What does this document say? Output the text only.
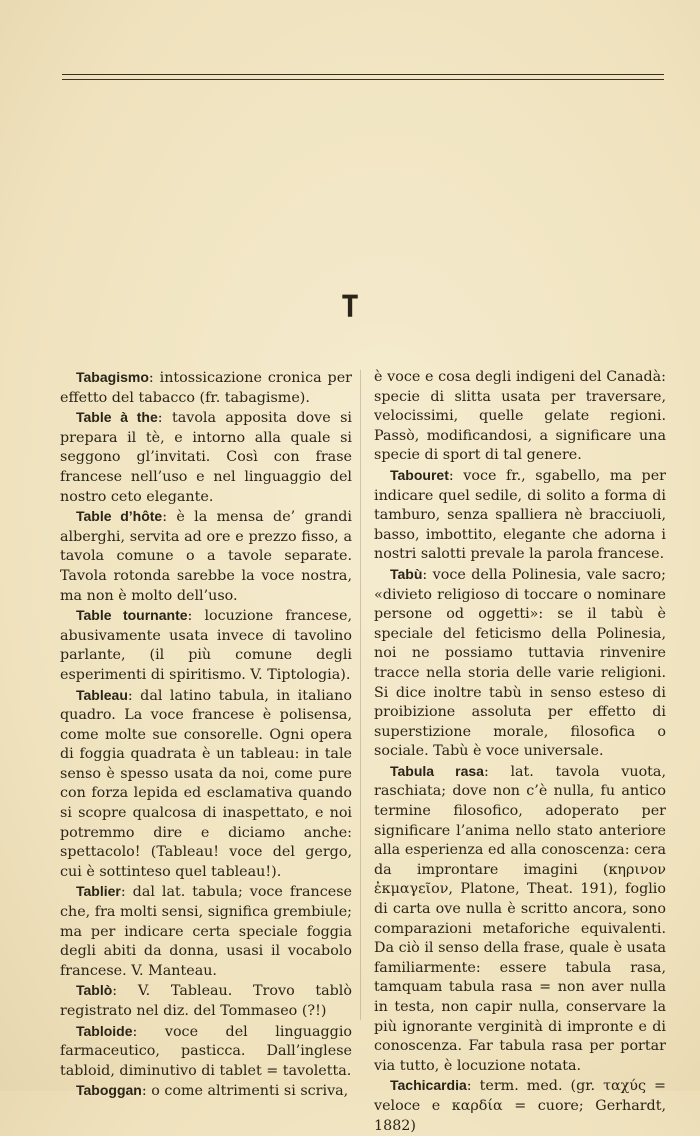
T

Tabagismo: intossicazione cronica per effetto del tabacco (fr. tabagisme).

Table à the: tavola apposita dove si prepara il tè, e intorno alla quale si seggono gl’invitati. Così con frase francese nell’uso e nel linguaggio del nostro ceto elegante.

Table d’hôte: è la mensa de’ grandi alberghi, servita ad ore e prezzo fisso, a tavola comune o a tavole separate. Tavola rotonda sarebbe la voce nostra, ma non è molto dell’uso.

Table tournante: locuzione francese, abusivamente usata invece di tavolino parlante, (il più comune degli esperimenti di spiritismo. V. Tiptologia).

Tableau: dal latino tabula, in italiano quadro. La voce francese è polisensa, come molte sue consorelle. Ogni opera di foggia quadrata è un tableau: in tale senso è spesso usata da noi, come pure con forza lepida ed esclamativa quando si scopre qualcosa di inaspettato, e noi potremmo dire e diciamo anche: spettacolo! (Tableau! voce del gergo, cui è sottinteso quel tableau!).

Tablier: dal lat. tabula; voce francese che, fra molti sensi, significa grembiule; ma per indicare certa speciale foggia degli abiti da donna, usasi il vocabolo francese. V. Manteau.

Tablò: V. Tableau. Trovo tablò registrato nel diz. del Tommaseo (?!)

Tabloide: voce del linguaggio farmaceutico, pasticca. Dall’inglese tabloid, diminutivo di tablet = tavoletta.

Taboggan: o come altrimenti si scriva,

è voce e cosa degli indigeni del Canadà: specie di slitta usata per traversare, velocissimi, quelle gelate regioni. Passò, modificandosi, a significare una specie di sport di tal genere.

Tabouret: voce fr., sgabello, ma per indicare quel sedile, di solito a forma di tamburo, senza spalliera nè bracciuoli, basso, imbottito, elegante che adorna i nostri salotti prevale la parola francese.

Tabù: voce della Polinesia, vale sacro; «divieto religioso di toccare o nominare persone od oggetti»: se il tabù è speciale del feticismo della Polinesia, noi ne possiamo tuttavia rinvenire tracce nella storia delle varie religioni. Si dice inoltre tabù in senso esteso di proibizione assoluta per effetto di superstizione morale, filosofica o sociale. Tabù è voce universale.

Tabula rasa: lat. tavola vuota, raschiata; dove non c’è nulla, fu antico termine filosofico, adoperato per significare l’anima nello stato anteriore alla esperienza ed alla conoscenza: cera da improntare imagini (κηρινον ἐκμαγεῖον, Platone, Theat. 191), foglio di carta ove nulla è scritto ancora, sono comparazioni metaforiche equivalenti. Da ciò il senso della frase, quale è usata familiarmente: essere tabula rasa, tamquam tabula rasa = non aver nulla in testa, non capir nulla, conservare la più ignorante verginità di impronte e di conoscenza. Far tabula rasa per portar via tutto, è locuzione notata.

Tachicardia: term. med. (gr. ταχύς = veloce e καρδία = cuore; Gerhardt, 1882)
